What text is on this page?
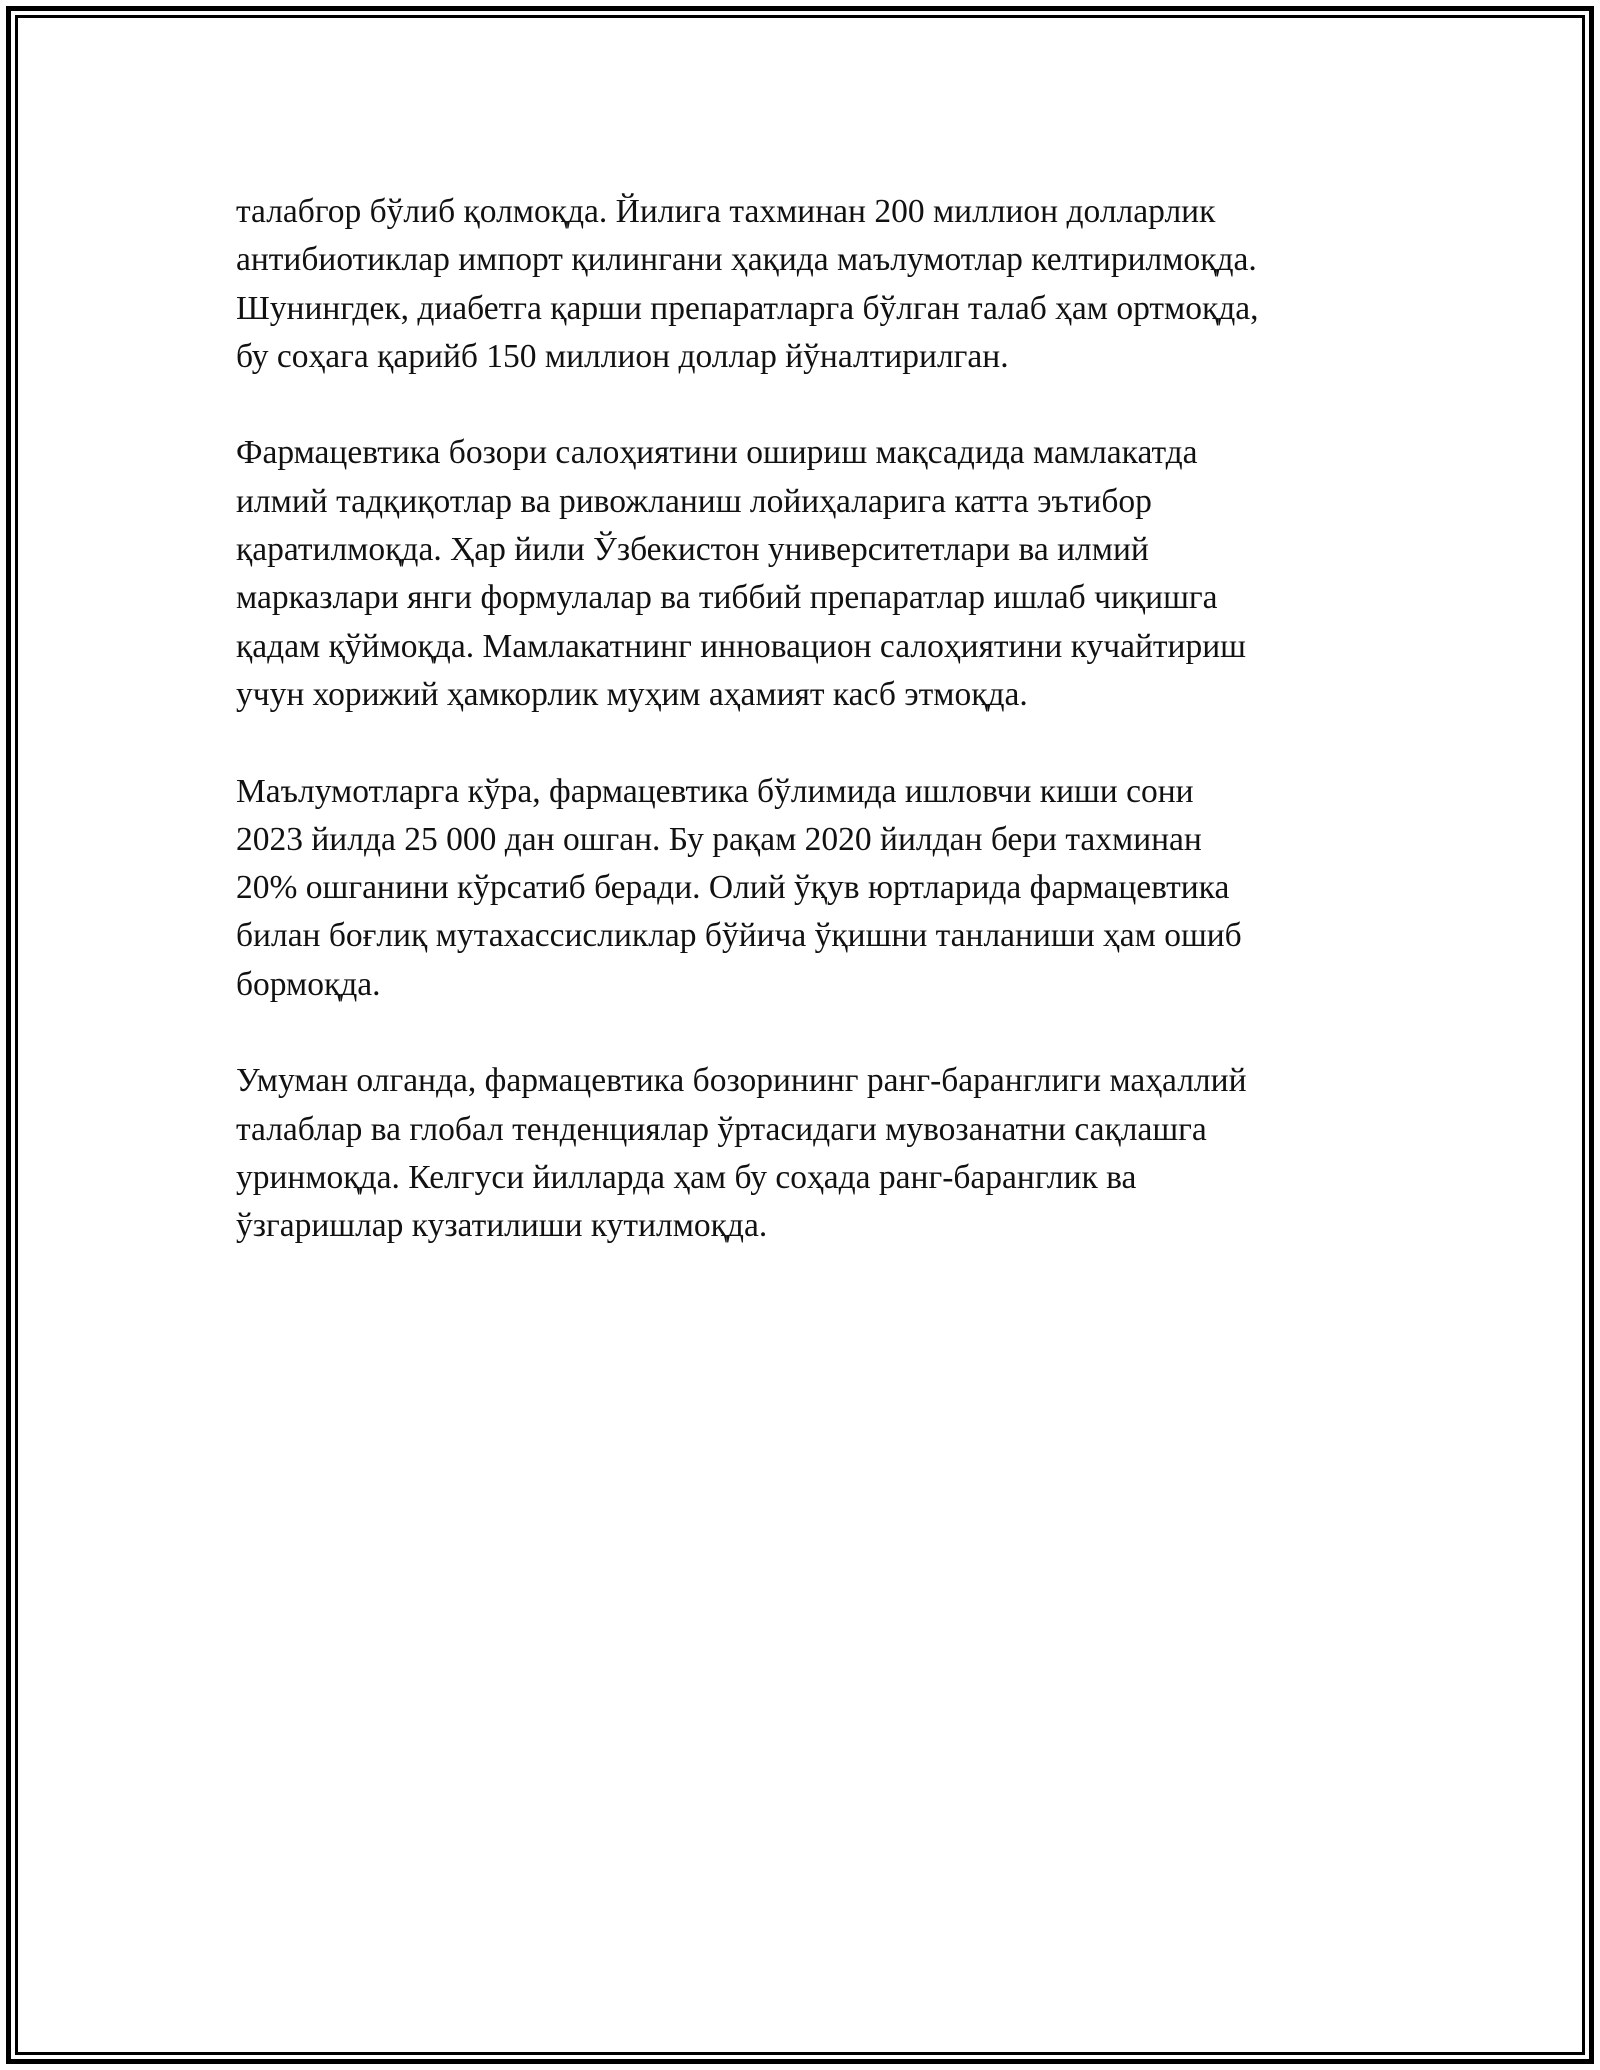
талабгор бўлиб қолмоқда. Йилига тахминан 200 миллион долларлик
антибиотиклар импорт қилингани ҳақида маълумотлар келтирилмоқда.
Шунингдек, диабетга қарши препаратларга бўлган талаб ҳам ортмоқда,
бу соҳага қарийб 150 миллион доллар йўналтирилган.

Фармацевтика бозори салоҳиятини ошириш мақсадида мамлакатда
илмий тадқиқотлар ва ривожланиш лойиҳаларига катта эътибор
қаратилмоқда. Ҳар йили Ўзбекистон университетлари ва илмий
марказлари янги формулалар ва тиббий препаратлар ишлаб чиқишга
қадам қўймоқда. Мамлакатнинг инновацион салоҳиятини кучайтириш
учун хорижий ҳамкорлик муҳим аҳамият касб этмоқда.

Маълумотларга кўра, фармацевтика бўлимида ишловчи киши сони
2023 йилда 25 000 дан ошган. Бу рақам 2020 йилдан бери тахминан
20% ошганини кўрсатиб беради. Олий ўқув юртларида фармацевтика
билан боғлиқ мутахассисликлар бўйича ўқишни танланиши ҳам ошиб
бормоқда.

Умуман олганда, фармацевтика бозорининг ранг-баранглиги маҳаллий
талаблар ва глобал тенденциялар ўртасидаги мувозанатни сақлашга
уринмоқда. Келгуси йилларда ҳам бу соҳада ранг-баранглик ва
ўзгаришлар кузатилиши кутилмоқда.
